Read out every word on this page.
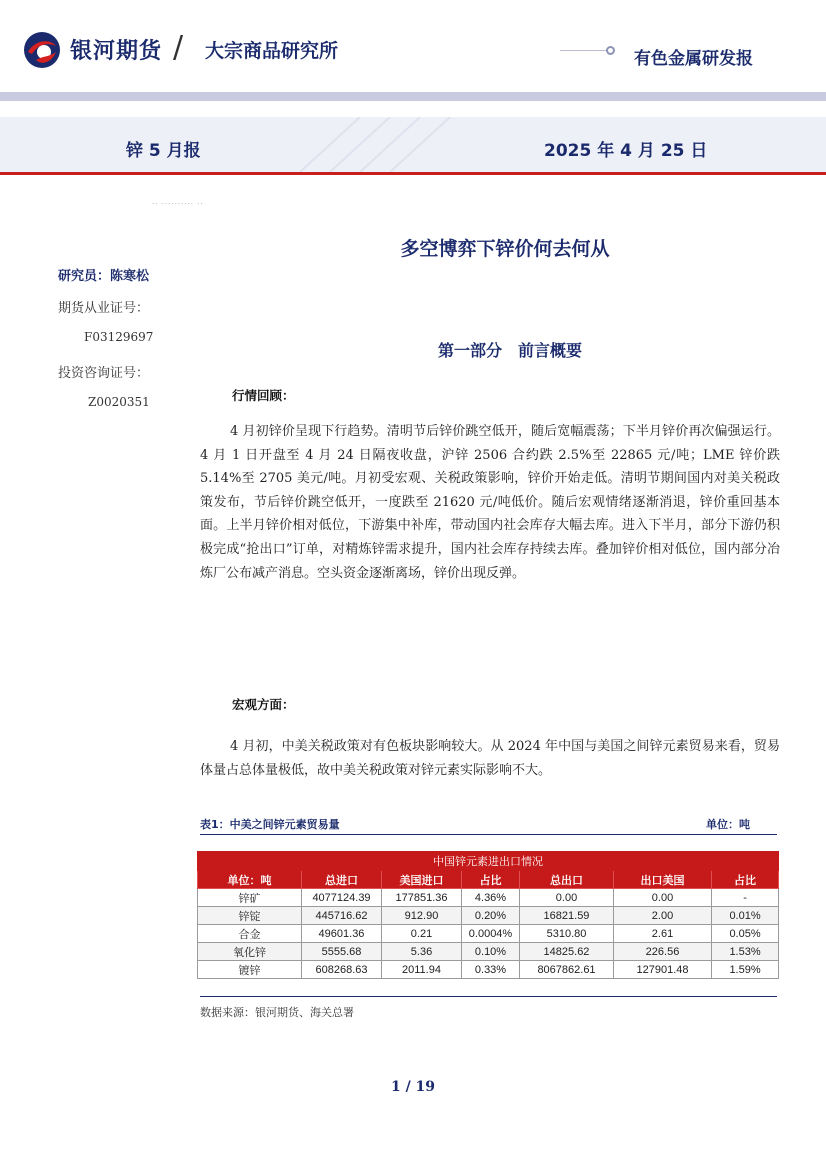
银河期货 / 大宗商品研究所	有色金属研发报
锌 5 月报	2025 年 4 月 25 日
·· ·········· ··
研究员：陈寒松
期货从业证号：
F03129697
投资咨询证号：
Z0020351
多空博弈下锌价何去何从
第一部分　前言概要
行情回顾：
4 月初锌价呈现下行趋势。清明节后锌价跳空低开，随后宽幅震荡；下半月锌价再次偏强运行。4 月 1 日开盘至 4 月 24 日隔夜收盘，沪锌 2506 合约跌 2.5%至 22865 元/吨；LME 锌价跌 5.14%至 2705 美元/吨。月初受宏观、关税政策影响，锌价开始走低。清明节期间国内对美关税政策发布，节后锌价跳空低开，一度跌至 21620 元/吨低价。随后宏观情绪逐渐消退，锌价重回基本面。上半月锌价相对低位，下游集中补库，带动国内社会库存大幅去库。进入下半月，部分下游仍积极完成“抢出口”订单，对精炼锌需求提升，国内社会库存持续去库。叠加锌价相对低位，国内部分冶炼厂公布减产消息。空头资金逐渐离场，锌价出现反弹。
宏观方面：
4 月初，中美关税政策对有色板块影响较大。从 2024 年中国与美国之间锌元素贸易来看，贸易体量占总体量极低，故中美关税政策对锌元素实际影响不大。
表1：中美之间锌元素贸易量	单位：吨
中国锌元素进出口情况						
单位：吨	总进口	美国进口	占比	总出口	出口美国	占比
锌矿	4077124.39	177851.36	4.36%	0.00	0.00	-
锌锭	445716.62	912.90	0.20%	16821.59	2.00	0.01%
合金	49601.36	0.21	0.0004%	5310.80	2.61	0.05%
氧化锌	5555.68	5.36	0.10%	14825.62	226.56	1.53%
镀锌	608268.63	2011.94	0.33%	8067862.61	127901.48	1.59%
数据来源：银河期货、海关总署
1 / 19
